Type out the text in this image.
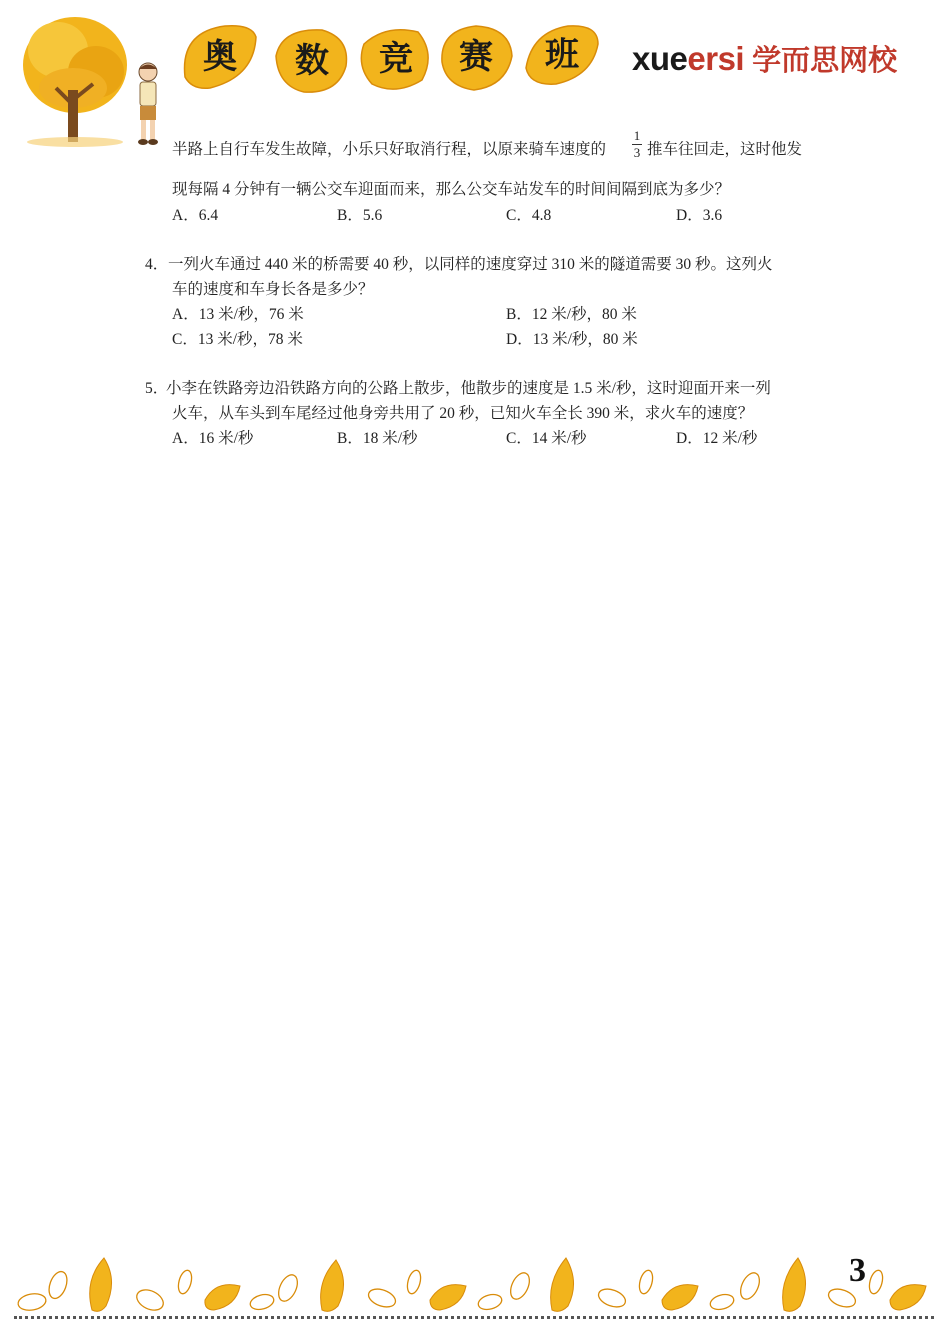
奥	数	竞	赛	班	xueersi 学而思网校
半路上自行车发生故障，小乐只好取消行程，以原来骑车速度的
1
3 推车往回走，这时他发
现每隔 4 分钟有一辆公交车迎面而来，那么公交车站发车的时间间隔到底为多少？
A．6.4	B．5.6	C．4.8	D．3.6
4． 一列火车通过 440 米的桥需要 40 秒，以同样的速度穿过 310 米的隧道需要 30 秒。这列火
车的速度和车身长各是多少？
A．13 米/秒，76 米	B．12 米/秒，80 米
C．13 米/秒，78 米	D．13 米/秒，80 米
5．
小李在铁路旁边沿铁路方向的公路上散步，他散步的速度是 1.5 米/秒，这时迎面开来一列
火车，从车头到车尾经过他身旁共用了 20 秒，已知火车全长 390 米，求火车的速度？
A．16 米/秒	B．18 米/秒	C．14 米/秒	D．12 米/秒
3
